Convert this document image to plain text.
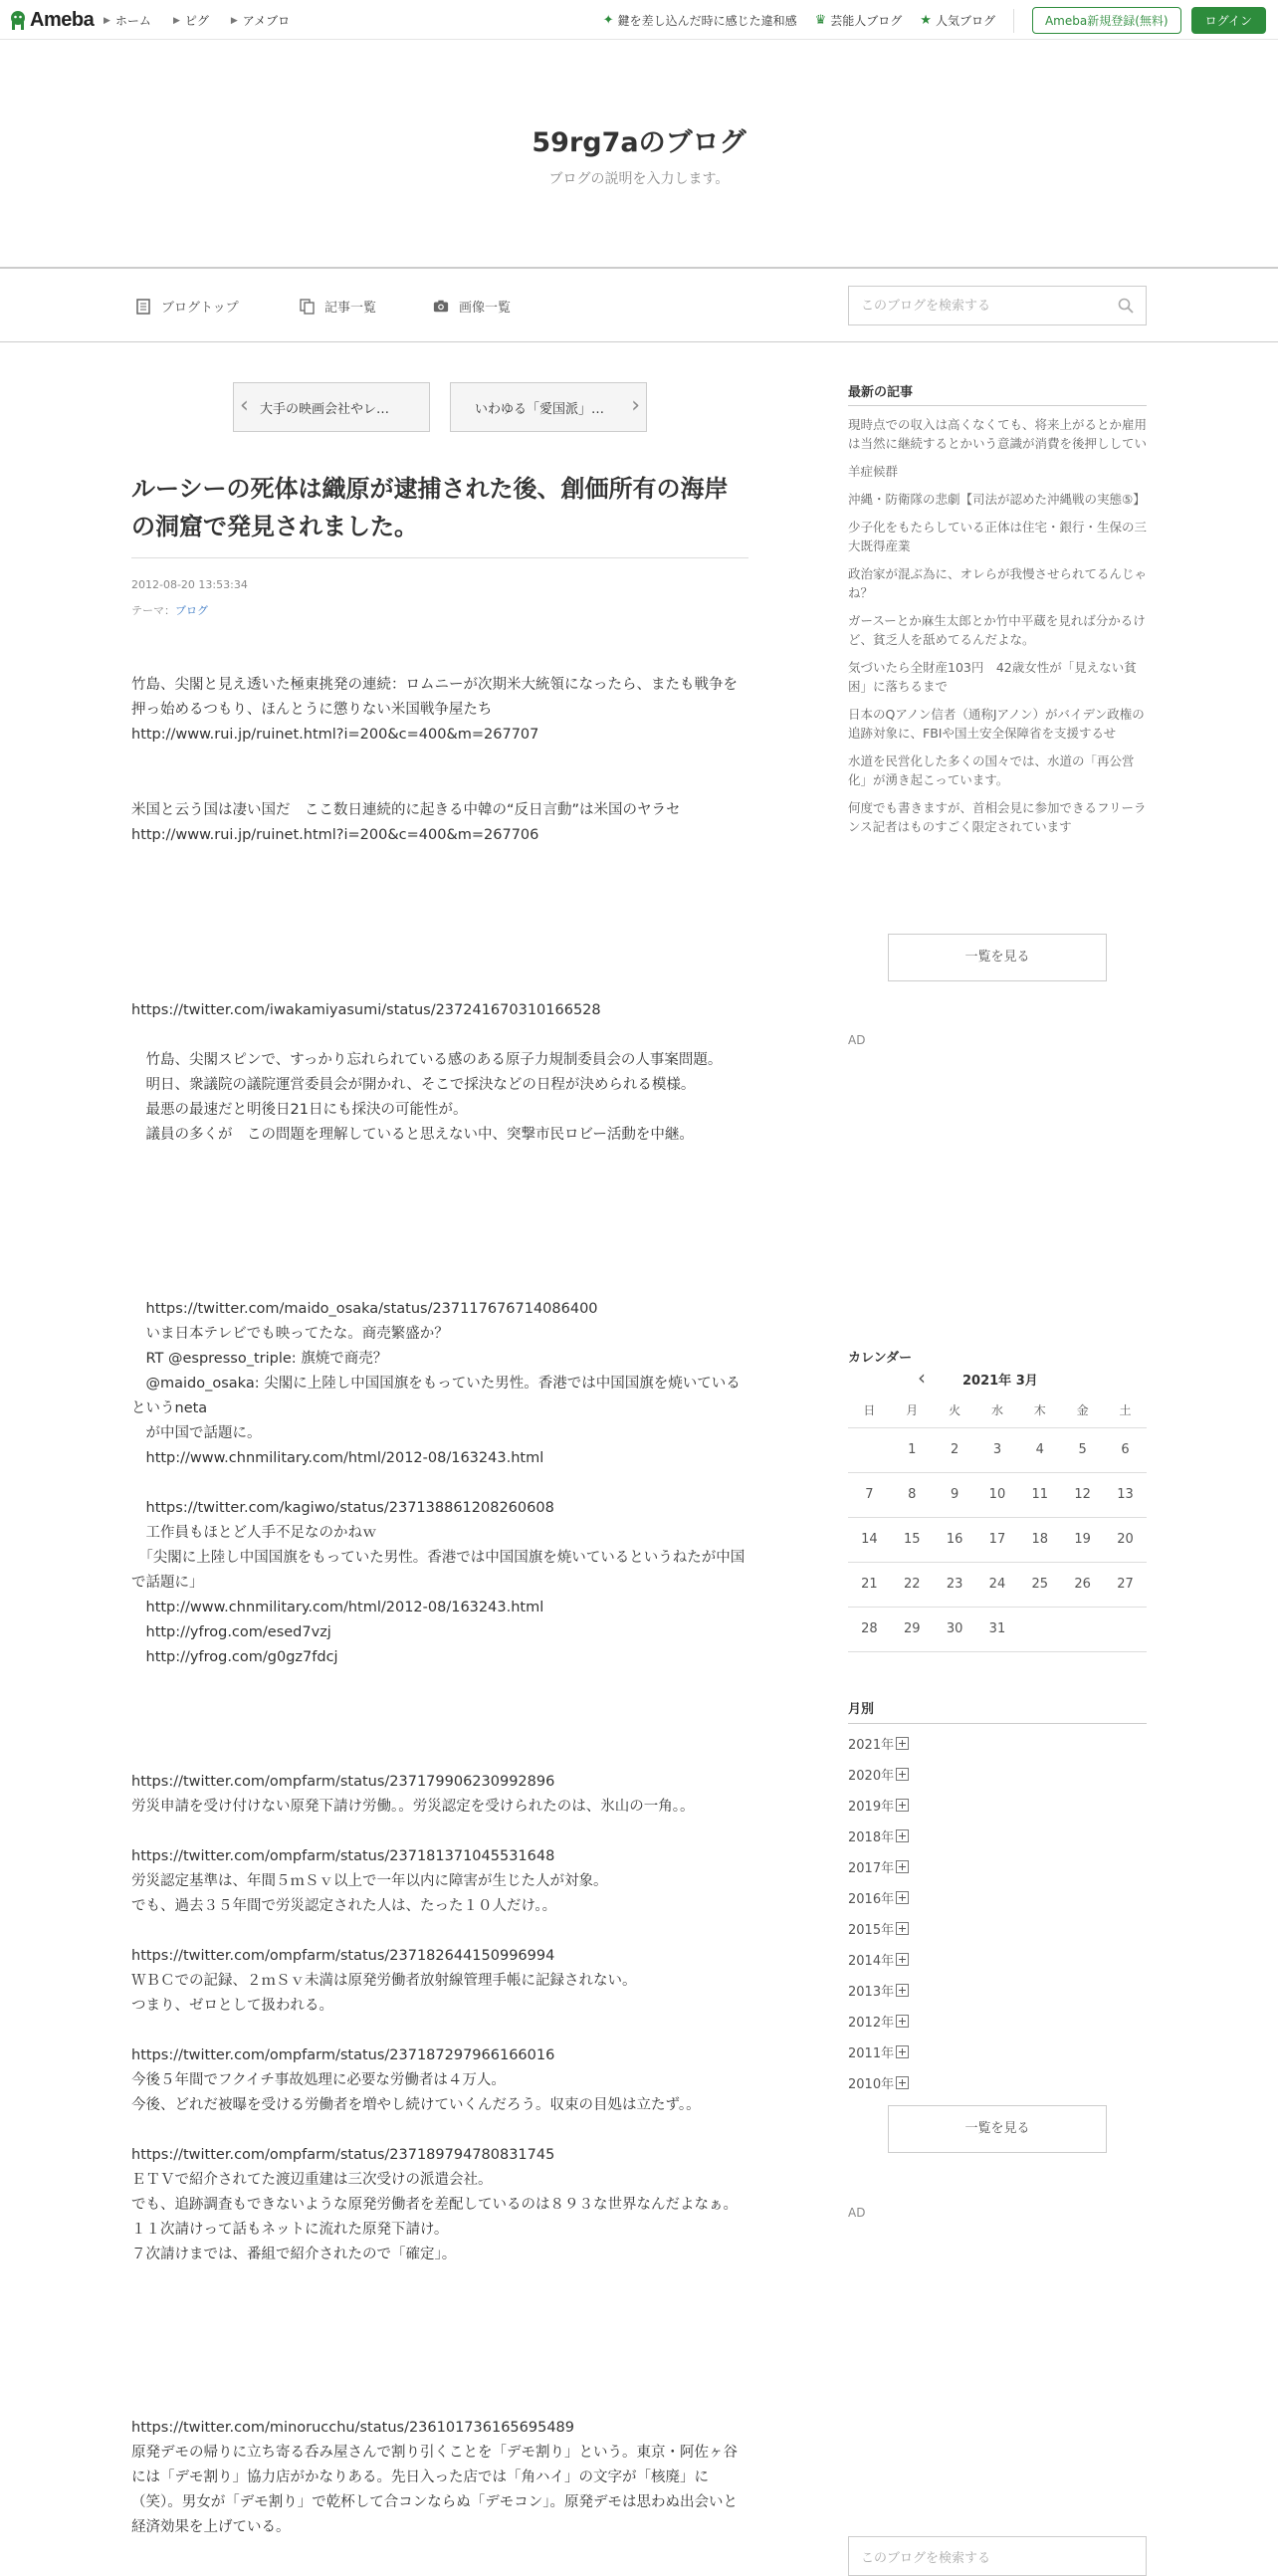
Ameba ▶ ホーム ▶ ピグ ▶ アメブロ	✦ 鍵を差し込んだ時に感じた違和感 ♛ 芸能人ブログ ★ 人気ブログ	Ameba新規登録(無料)	ログイン
59rg7aのブログ
ブログの説明を入力します。
ブログトップ	記事一覧	画像一覧
このブログを検索する
‹ 大手の映画会社やレ…	いわゆる「愛国派」… ›
ルーシーの死体は織原が逮捕された後、創価所有の海岸の洞窟で発見されました。
2012-08-20 13:53:34
テーマ：ブログ

竹島、尖閣と見え透いた極東挑発の連続：ロムニーが次期米大統領になったら、またも戦争を押っ始めるつもり、ほんとうに懲りない米国戦争屋たち

http://www.rui.jp/ruinet.html?i=200&c=400&m=267707

米国と云う国は凄い国だ　ここ数日連続的に起きる中韓の“反日言動”は米国のヤラセ

http://www.rui.jp/ruinet.html?i=200&c=400&m=267706

https://twitter.com/iwakamiyasumi/status/237241670310166528

　竹島、尖閣スピンで、すっかり忘れられている感のある原子力規制委員会の人事案問題。

　明日、衆議院の議院運営委員会が開かれ、そこで採決などの日程が決められる模様。

　最悪の最速だと明後日21日にも採決の可能性が。

　議員の多くが　この問題を理解していると思えない中、突撃市民ロビー活動を中継。

　https://twitter.com/maido_osaka/status/237117676714086400

　いま日本テレビでも映ってたな。商売繁盛か？

　RT @espresso_triple: 旗焼で商売？

　@maido_osaka: 尖閣に上陸し中国国旗をもっていた男性。香港では中国国旗を焼いているというneta

　が中国で話題に。

　http://www.chnmilitary.com/html/2012-08/163243.html

　https://twitter.com/kagiwo/status/237138861208260608

　工作員もほとど人手不足なのかねｗ

　「尖閣に上陸し中国国旗をもっていた男性。香港では中国国旗を焼いているというねたが中国で話題に」

　http://www.chnmilitary.com/html/2012-08/163243.html

　http://yfrog.com/esed7vzj

　http://yfrog.com/g0gz7fdcj

https://twitter.com/ompfarm/status/237179906230992896

労災申請を受け付けない原発下請け労働。。労災認定を受けられたのは、氷山の一角。。

https://twitter.com/ompfarm/status/237181371045531648

労災認定基準は、年間５ｍＳｖ以上で一年以内に障害が生じた人が対象。

でも、過去３５年間で労災認定された人は、たった１０人だけ。。

https://twitter.com/ompfarm/status/237182644150996994

ＷＢＣでの記録、２ｍＳｖ未満は原発労働者放射線管理手帳に記録されない。

つまり、ゼロとして扱われる。

https://twitter.com/ompfarm/status/237187297966166016

今後５年間でフクイチ事故処理に必要な労働者は４万人。

今後、どれだ被曝を受ける労働者を増やし続けていくんだろう。収束の目処は立たず。。

https://twitter.com/ompfarm/status/237189794780831745

ＥＴＶで紹介されてた渡辺重建は三次受けの派遣会社。

でも、追跡調査もできないような原発労働者を差配しているのは８９３な世界なんだよなぁ。

１１次請けって話もネットに流れた原発下請け。

７次請けまでは、番組で紹介されたので「確定」。

https://twitter.com/minorucchu/status/236101736165695489

原発デモの帰りに立ち寄る呑み屋さんで割り引くことを「デモ割り」という。東京・阿佐ヶ谷には「デモ割り」協力店がかなりある。先日入った店では「角ハイ」の文字が「核廃」に（笑）。男女が「デモ割り」で乾杯して合コンならぬ「デモコン」。原発デモは思わぬ出会いと経済効果を上げている。

最新の記事
現時点での収入は高くなくても、将来上がるとか雇用は当然に継続するとかいう意識が消費を後押ししてい
羊症候群
沖縄・防衛隊の悲劇【司法が認めた沖縄戦の実態⑤】
少子化をもたらしている正体は住宅・銀行・生保の三大既得産業
政治家が混ぶ為に、オレらが我慢させられてるんじゃね？
ガースーとか麻生太郎とか竹中平蔵を見れば分かるけど、貧乏人を舐めてるんだよな。
気づいたら全財産103円　42歳女性が「見えない貧困」に落ちるまで
日本のQアノン信者（通称Jアノン）がバイデン政権の追跡対象に、FBIや国土安全保障省を支援するせ
水道を民営化した多くの国々では、水道の「再公営化」が湧き起こっています。
何度でも書きますが、首相会見に参加できるフリーランス記者はものすごく限定されています
一覧を見る
AD
カレンダー
‹	2021年 3月
日	月	火	水	木	金	土
	1	2	3	4	5	6
7	8	9	10	11	12	13
14	15	16	17	18	19	20
21	22	23	24	25	26	27
28	29	30	31			
月別
2021年
2020年
2019年
2018年
2017年
2016年
2015年
2014年
2013年
2012年
2011年
2010年
一覧を見る
AD
このブログを検索する
